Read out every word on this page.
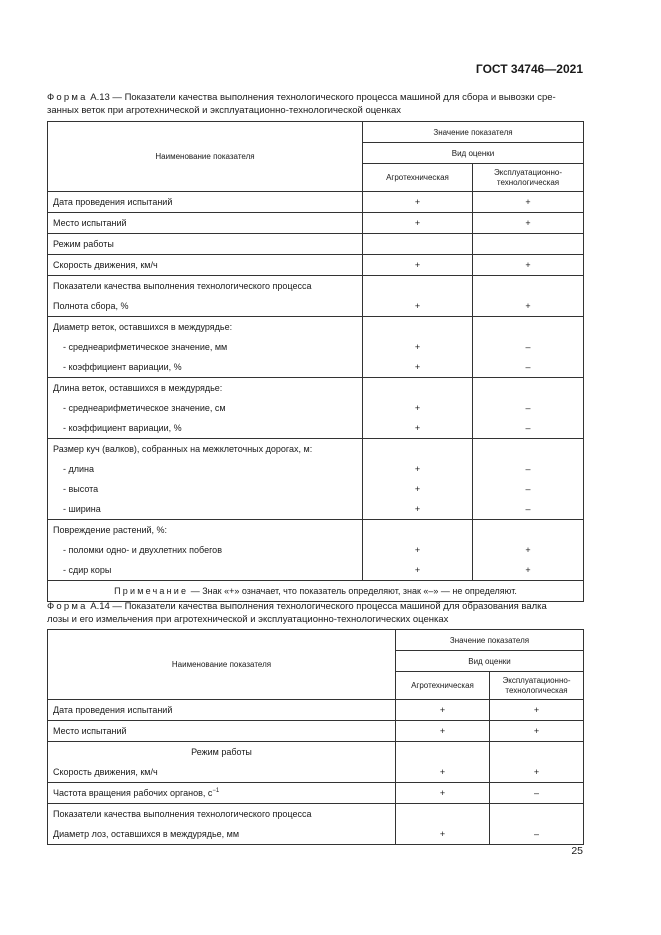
ГОСТ 34746—2021
Форма А.13 — Показатели качества выполнения технологического процесса машиной для сбора и вывозки сре-
занных веток при агротехнической и эксплуатационно-технологической оценках
Наименование показателя	Значение показателя	
	Вид оценки	
	Агротехническая	Эксплуатационно-
технологическая
Дата проведения испытаний	+	+
Место испытаний	+	+
Режим работы		
Скорость движения, км/ч	+	+
Показатели качества выполнения технологического процесса		
Полнота сбора, %	+	+
Диаметр веток, оставшихся в междурядье:		
- среднеарифметическое значение, мм	+	–
- коэффициент вариации, %	+	–
Длина веток, оставшихся в междурядье:		
- среднеарифметическое значение, см	+	–
- коэффициент вариации, %	+	–
Размер куч (валков), собранных на межклеточных дорогах, м:		
- длина	+	–
- высота	+	–
- ширина	+	–
Повреждение растений, %:		
- поломки одно- и двухлетних побегов	+	+
- сдир коры	+	+
Примечание — Знак «+» означает, что показатель определяют, знак «–» — не определяют.		
Форма А.14 — Показатели качества выполнения технологического процесса машиной для образования валка
лозы и его измельчения при агротехнической и эксплуатационно-технологических оценках
Наименование показателя	Значение показателя	
	Вид оценки	
	Агротехническая	Эксплуатационно-
технологическая
Дата проведения испытаний	+	+
Место испытаний	+	+
Режим работы		
Скорость движения, км/ч	+	+
Частота вращения рабочих органов, $с^{-1}$	+	–
Показатели качества выполнения технологического процесса		
Диаметр лоз, оставшихся в междурядье, мм	+	–
25
